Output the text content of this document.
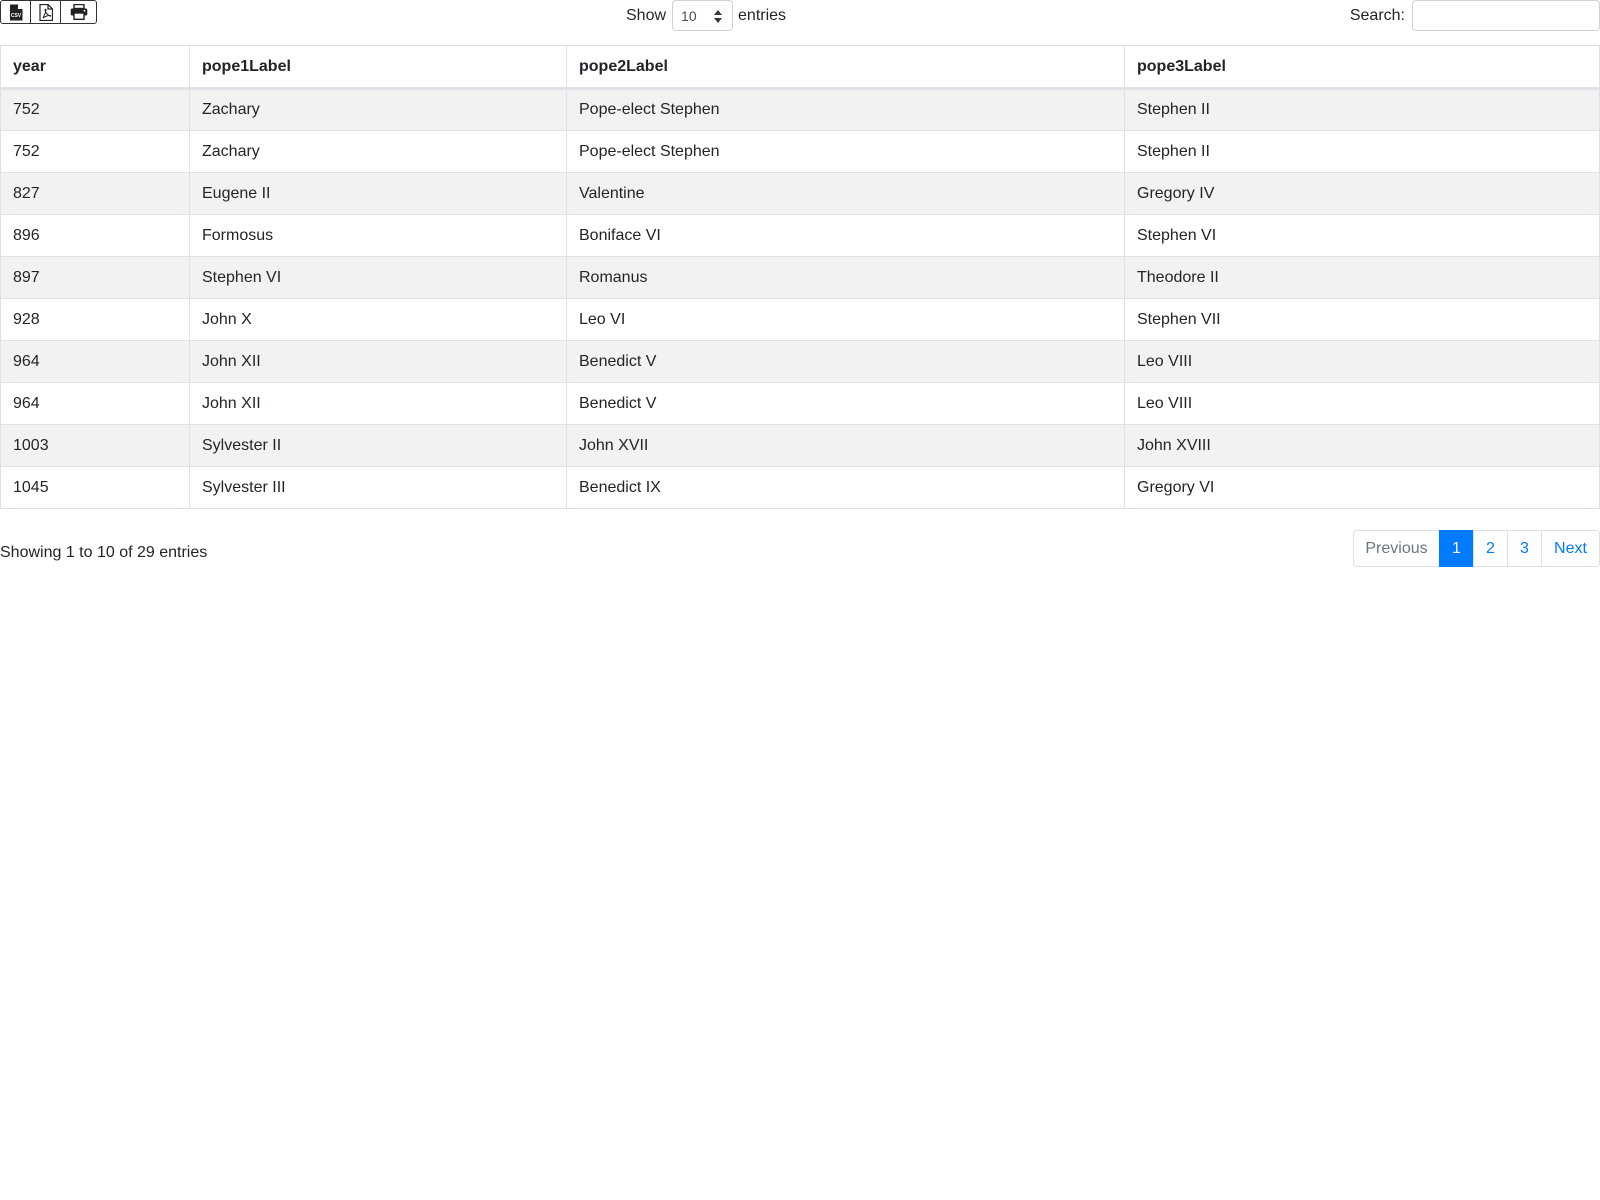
CSV	Show 10	entries	Search:
year	pope1Label	pope2Label	pope3Label
752	Zachary	Pope-elect Stephen	Stephen II
752	Zachary	Pope-elect Stephen	Stephen II
827	Eugene II	Valentine	Gregory IV
896	Formosus	Boniface VI	Stephen VI
897	Stephen VI	Romanus	Theodore II
928	John X	Leo VI	Stephen VII
964	John XII	Benedict V	Leo VIII
964	John XII	Benedict V	Leo VIII
1003	Sylvester II	John XVII	John XVIII
1045	Sylvester III	Benedict IX	Gregory VI
Showing 1 to 10 of 29 entries	Previous	1	2	3	Next
